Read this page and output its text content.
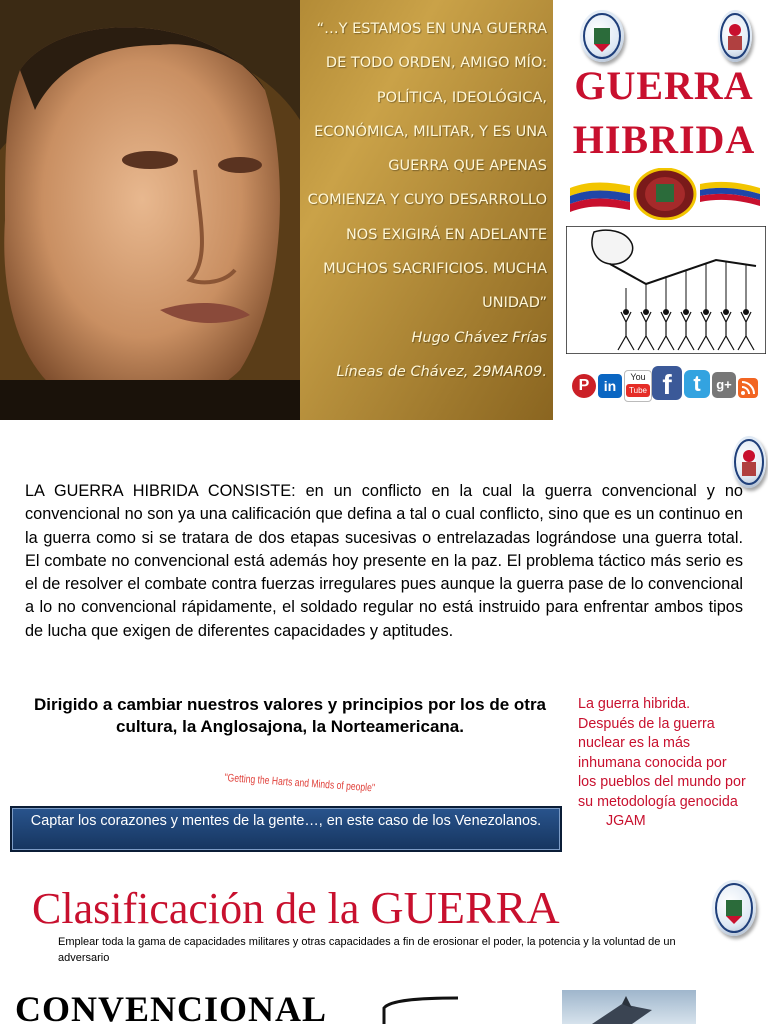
“…Y ESTAMOS EN UNA GUERRA
DE TODO ORDEN, AMIGO MÍO:
POLÍTICA, IDEOLÓGICA,
ECONÓMICA, MILITAR, Y ES UNA
GUERRA QUE APENAS
COMIENZA Y CUYO DESARROLLO
NOS EXIGIRÁ EN ADELANTE
MUCHOS SACRIFICIOS. MUCHA
UNIDAD”
Hugo Chávez Frías
Líneas de Chávez, 29MAR09.
GUERRA
HIBRIDA
P	in
You
Tube f t	g+
LA GUERRA HIBRIDA CONSISTE: en un conflicto en la cual la guerra convencional y no convencional no son ya una calificación que defina a tal o cual conflicto, sino que es un continuo en la guerra como si se tratara de dos etapas sucesivas o entrelazadas lográndose una guerra total. El combate no convencional está además hoy presente en la paz. El problema táctico más serio es el de resolver el combate contra fuerzas irregulares pues aunque la guerra pase de lo convencional a lo no convencional rápidamente, el soldado regular no está instruido para enfrentar ambos tipos de lucha que exigen de diferentes capacidades y aptitudes.
Dirigido a cambiar nuestros valores y principios por los de otra cultura, la Anglosajona, la Norteamericana.
La guerra hibrida. Después de la guerra nuclear es la más inhumana conocida por los pueblos del mundo por su metodología genocida JGAM
"Getting the Harts and Minds of people"
Captar los corazones y mentes de la gente…, en este caso de los Venezolanos.
Clasificación de la GUERRA
Emplear toda la gama de capacidades militares y otras capacidades a fin de erosionar el poder, la potencia y la voluntad de un adversario
CONVENCIONAL
